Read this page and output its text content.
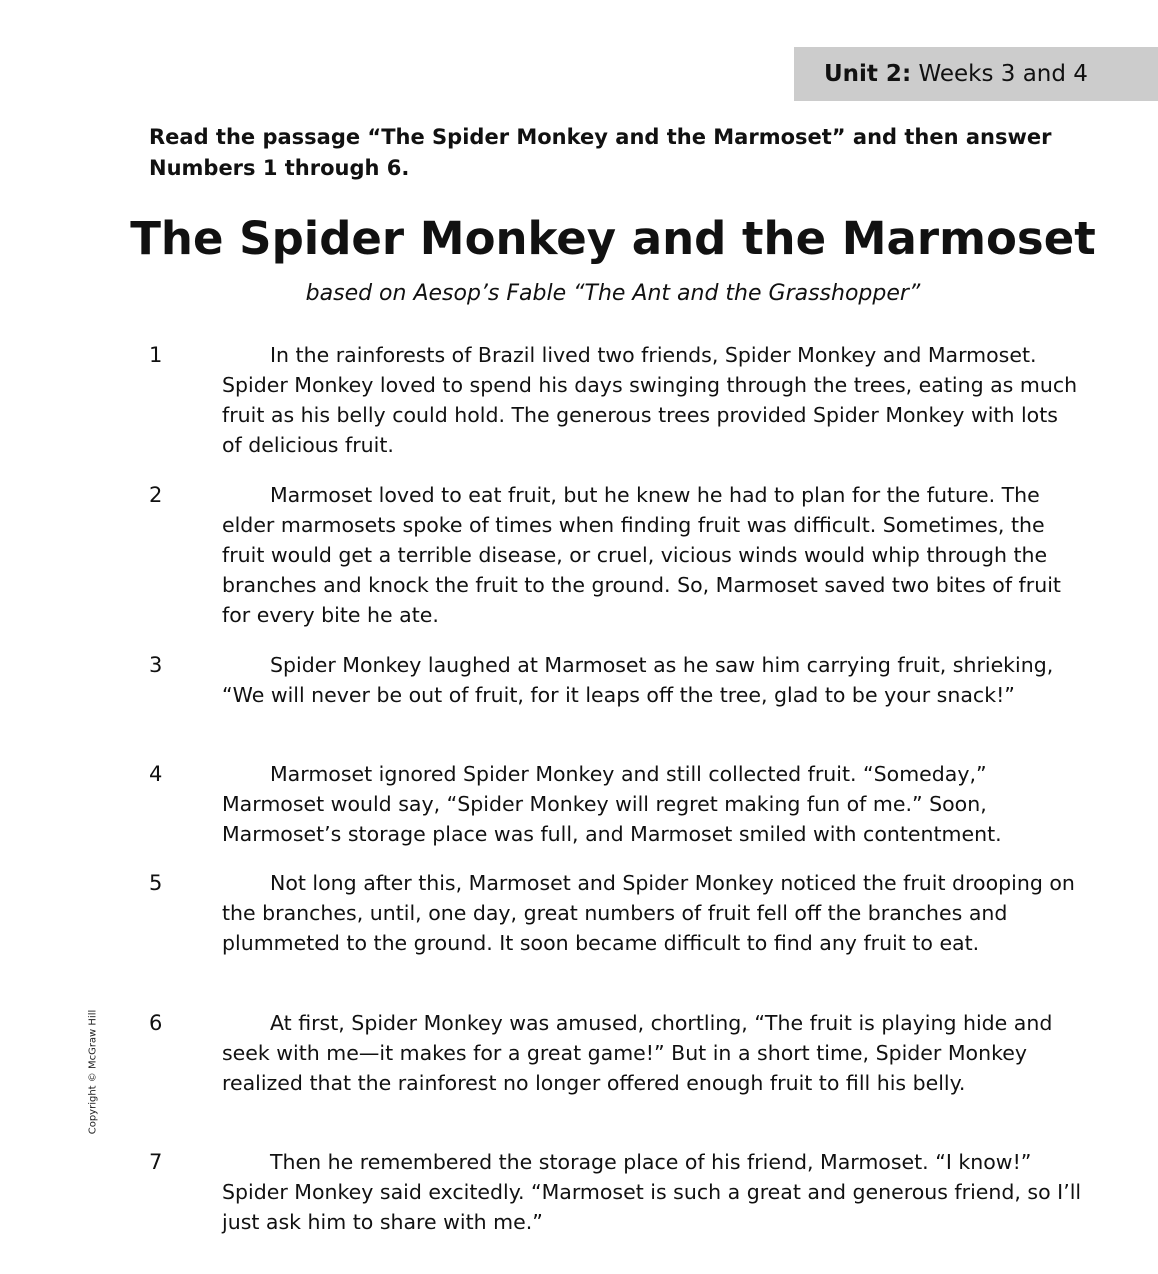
Unit 2: Weeks 3 and 4

Read the passage “The Spider Monkey and the Marmoset” and then answer Numbers 1 through 6.

The Spider Monkey and the Marmoset

based on Aesop’s Fable “The Ant and the Grasshopper”

1	In the rainforests of Brazil lived two friends, Spider Monkey and Marmoset. Spider Monkey loved to spend his days swinging through the trees, eating as much fruit as his belly could hold. The generous trees provided Spider Monkey with lots of delicious fruit.

2	Marmoset loved to eat fruit, but he knew he had to plan for the future. The elder marmosets spoke of times when finding fruit was difficult. Sometimes, the fruit would get a terrible disease, or cruel, vicious winds would whip through the branches and knock the fruit to the ground. So, Marmoset saved two bites of fruit for every bite he ate.

3	Spider Monkey laughed at Marmoset as he saw him carrying fruit, shrieking, “We will never be out of fruit, for it leaps off the tree, glad to be your snack!”

4	Marmoset ignored Spider Monkey and still collected fruit. “Someday,” Marmoset would say, “Spider Monkey will regret making fun of me.” Soon, Marmoset’s storage place was full, and Marmoset smiled with contentment.

5	Not long after this, Marmoset and Spider Monkey noticed the fruit drooping on the branches, until, one day, great numbers of fruit fell off the branches and plummeted to the ground. It soon became difficult to find any fruit to eat.

6	At first, Spider Monkey was amused, chortling, “The fruit is playing hide and seek with me—it makes for a great game!” But in a short time, Spider Monkey realized that the rainforest no longer offered enough fruit to fill his belly.

7	Then he remembered the storage place of his friend, Marmoset. “I know!” Spider Monkey said excitedly. “Marmoset is such a great and generous friend, so I’ll just ask him to share with me.”

Copyright © McGraw Hill
